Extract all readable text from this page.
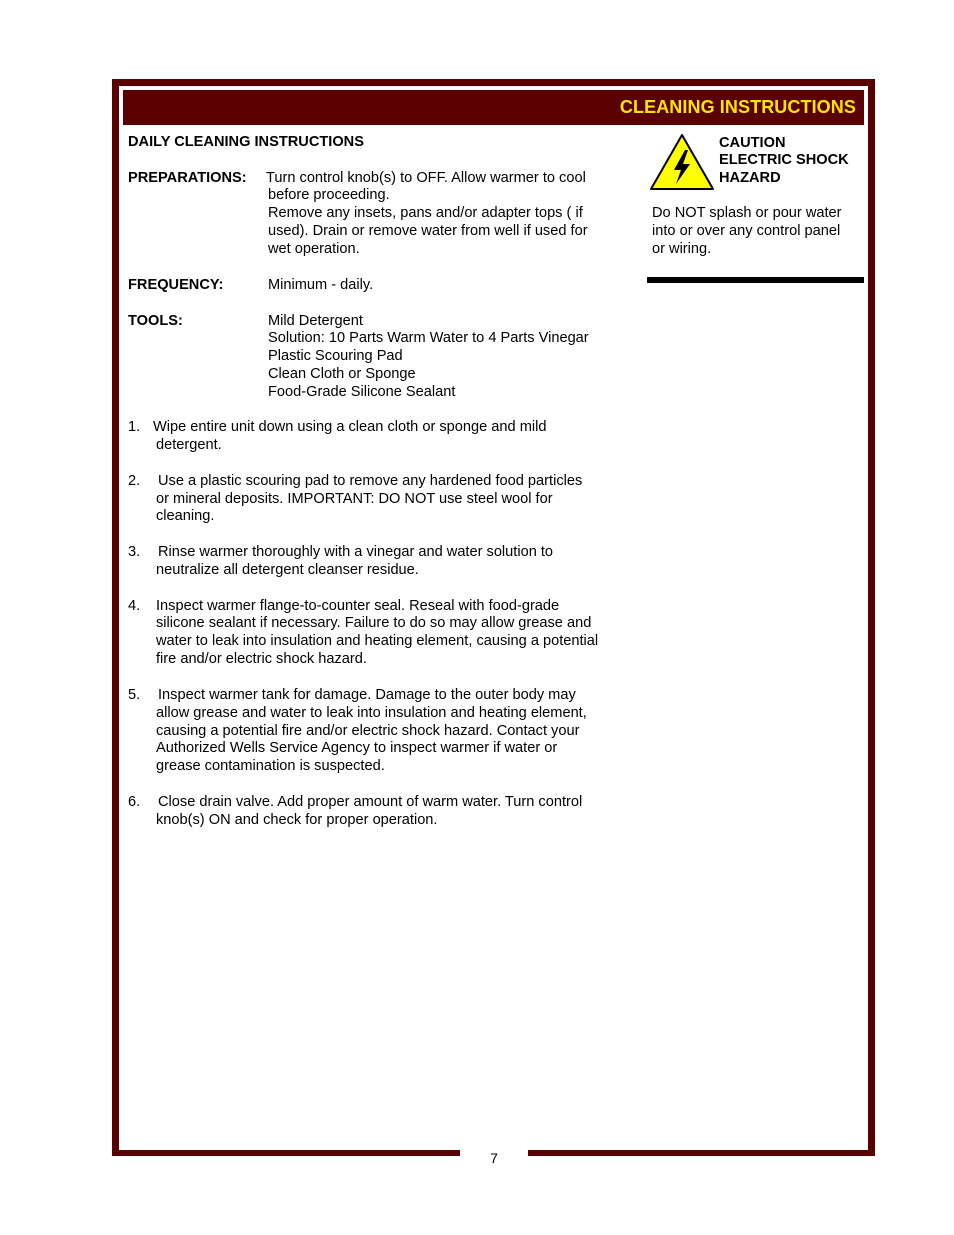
CLEANING INSTRUCTIONS
DAILY CLEANING INSTRUCTIONS
PREPARATIONS: Turn control knob(s) to OFF. Allow warmer to cool
before proceeding.
Remove any insets, pans and/or adapter tops ( if
used). Drain or remove water from well if used for
wet operation.
FREQUENCY:	Minimum - daily.
TOOLS:	Mild Detergent
Solution: 10 Parts Warm Water to 4 Parts Vinegar
Plastic Scouring Pad
Clean Cloth or Sponge
Food-Grade Silicone Sealant
1. Wipe entire unit down using a clean cloth or sponge and mild
detergent.
2. Use a plastic scouring pad to remove any hardened food particles
or mineral deposits. IMPORTANT: DO NOT use steel wool for
cleaning.
3. Rinse warmer thoroughly with a vinegar and water solution to
neutralize all detergent cleanser residue.
4. Inspect warmer flange-to-counter seal. Reseal with food-grade
silicone sealant if necessary. Failure to do so may allow grease and
water to leak into insulation and heating element, causing a potential
fire and/or electric shock hazard.
5. Inspect warmer tank for damage. Damage to the outer body may
allow grease and water to leak into insulation and heating element,
causing a potential fire and/or electric shock hazard. Contact your
Authorized Wells Service Agency to inspect warmer if water or
grease contamination is suspected.
6. Close drain valve. Add proper amount of warm water. Turn control
knob(s) ON and check for proper operation.
CAUTION
ELECTRIC SHOCK
HAZARD
Do NOT splash or pour water
into or over any control panel
or wiring.
7
